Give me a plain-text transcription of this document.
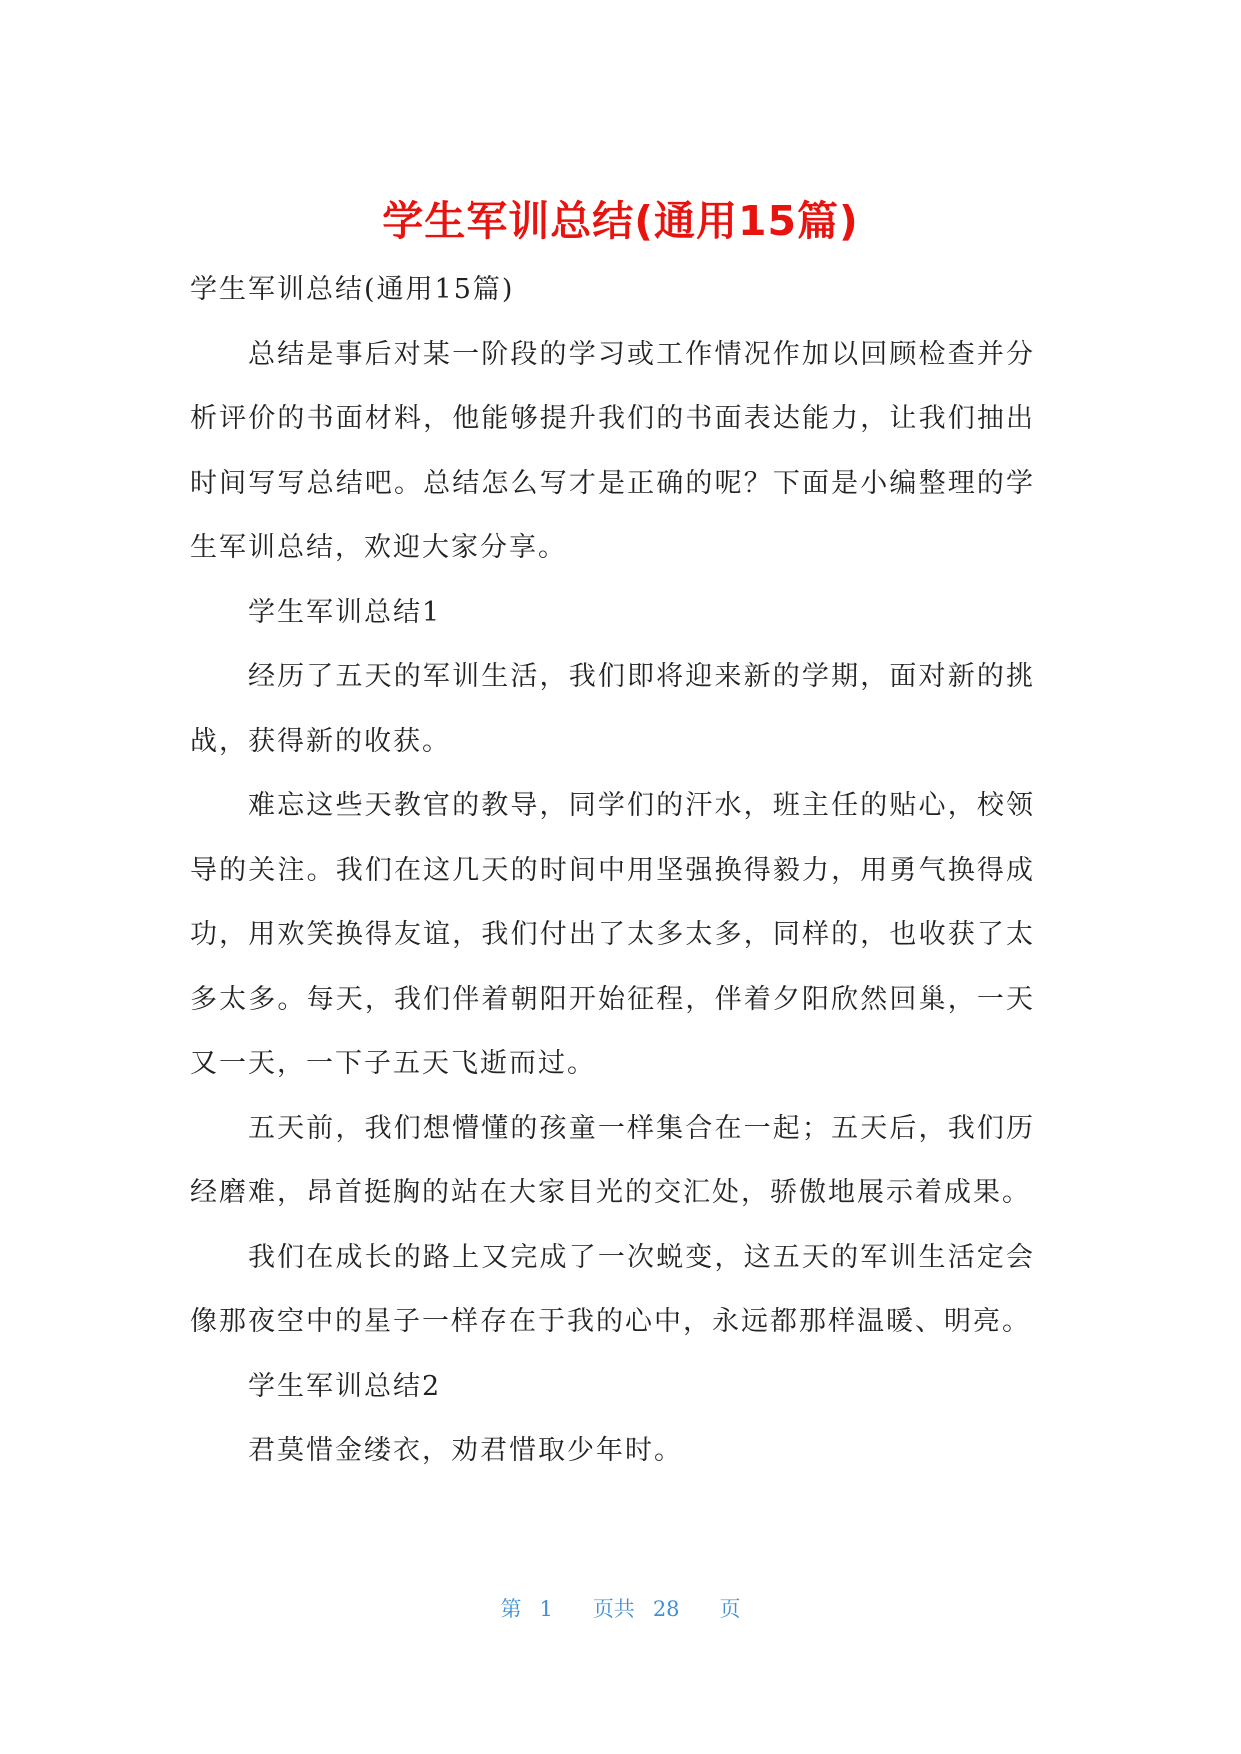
学生军训总结(通用15篇)

学生军训总结(通用15篇)

总结是事后对某一阶段的学习或工作情况作加以回顾检查并分析评价的书面材料，他能够提升我们的书面表达能力，让我们抽出时间写写总结吧。总结怎么写才是正确的呢？下面是小编整理的学生军训总结，欢迎大家分享。

学生军训总结1

经历了五天的军训生活，我们即将迎来新的学期，面对新的挑战，获得新的收获。

难忘这些天教官的教导，同学们的汗水，班主任的贴心，校领导的关注。我们在这几天的时间中用坚强换得毅力，用勇气换得成功，用欢笑换得友谊，我们付出了太多太多，同样的，也收获了太多太多。每天，我们伴着朝阳开始征程，伴着夕阳欣然回巢，一天又一天，一下子五天飞逝而过。

五天前，我们想懵懂的孩童一样集合在一起；五天后，我们历经磨难，昂首挺胸的站在大家目光的交汇处，骄傲地展示着成果。

我们在成长的路上又完成了一次蜕变，这五天的军训生活定会像那夜空中的星子一样存在于我的心中，永远都那样温暖、明亮。

学生军训总结2

君莫惜金缕衣，劝君惜取少年时。

第 1 页共 28 页
